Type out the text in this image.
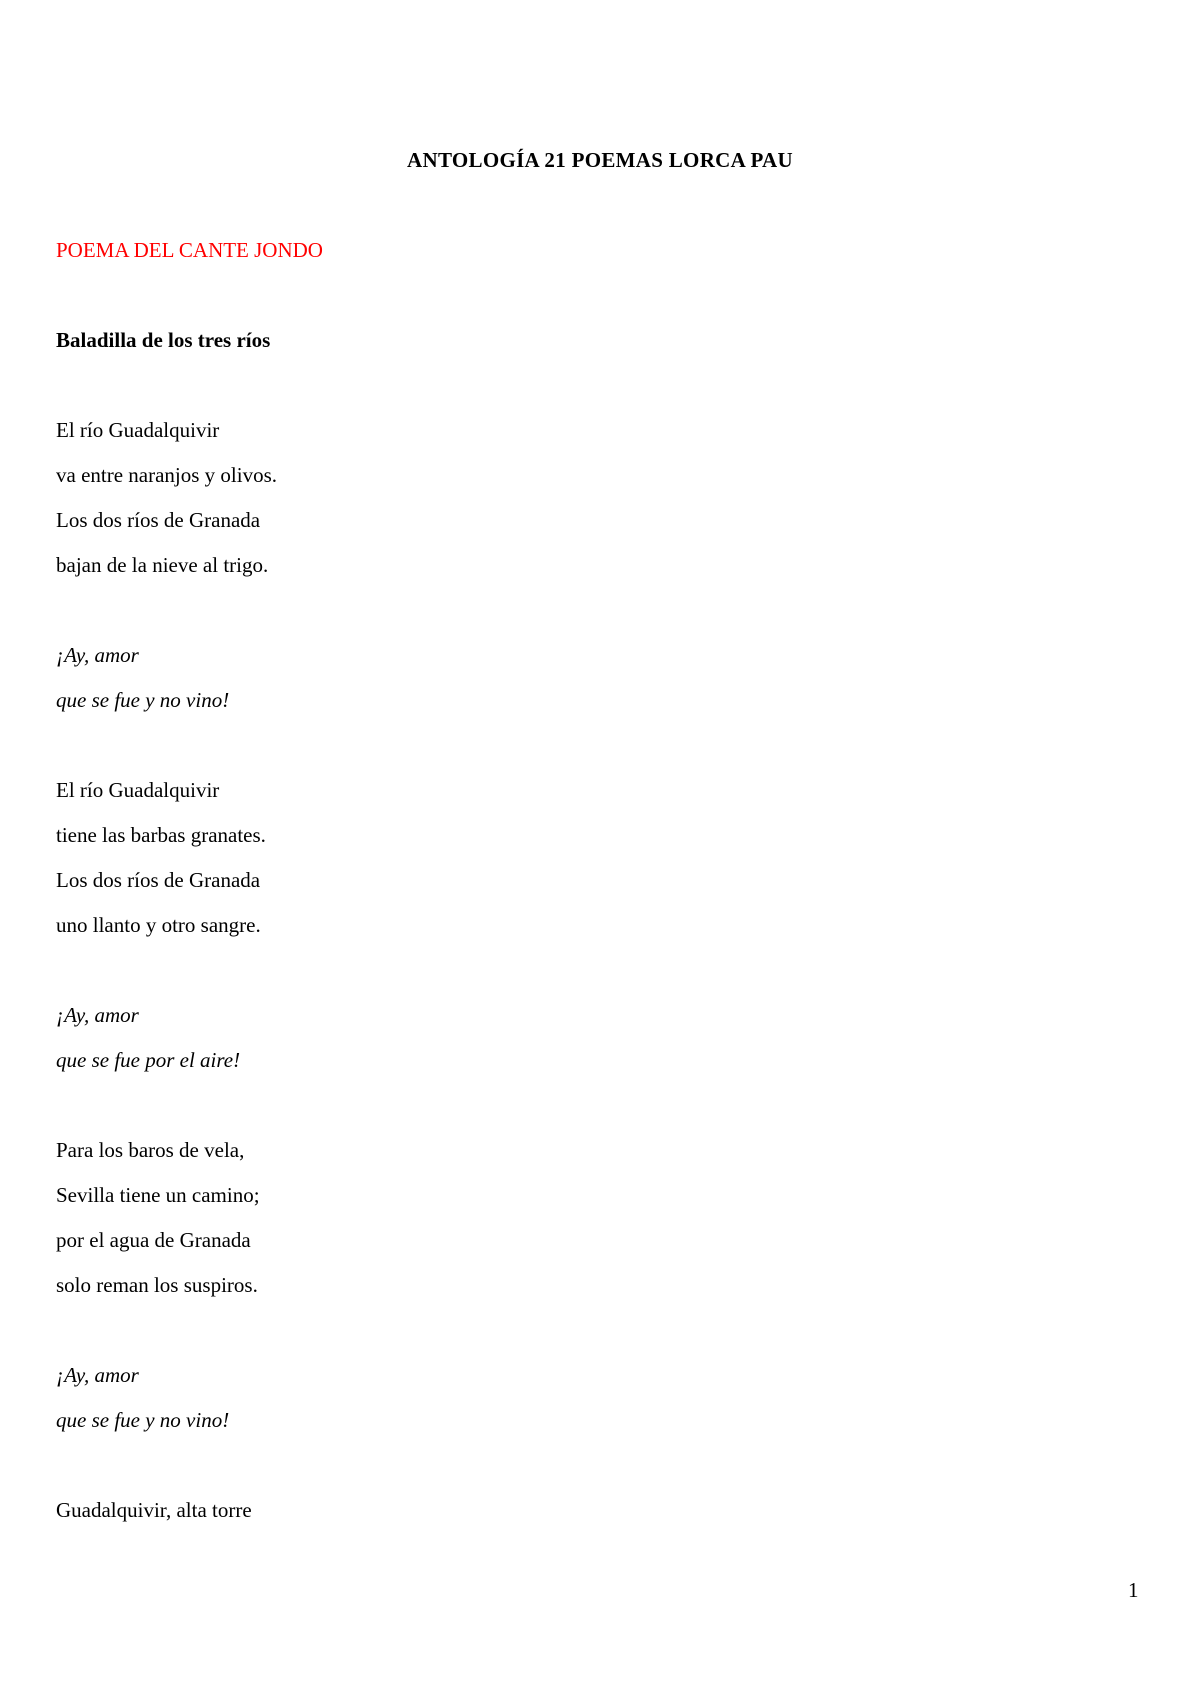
ANTOLOGÍA 21 POEMAS LORCA PAU

POEMA DEL CANTE JONDO

Baladilla de los tres ríos

El río Guadalquivir

va entre naranjos y olivos.

Los dos ríos de Granada

bajan de la nieve al trigo.

¡Ay, amor

que se fue y no vino!

El río Guadalquivir

tiene las barbas granates.

Los dos ríos de Granada

uno llanto y otro sangre.

¡Ay, amor

que se fue por el aire!

Para los baros de vela,

Sevilla tiene un camino;

por el agua de Granada

solo reman los suspiros.

¡Ay, amor

que se fue y no vino!

Guadalquivir, alta torre

1
